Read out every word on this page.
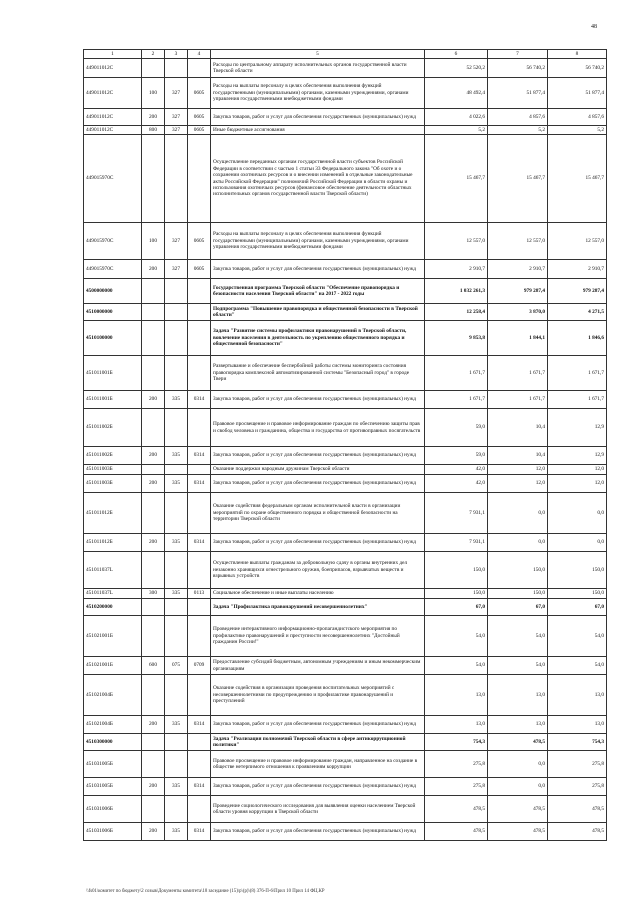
48
1	2	3	4	5	6	7	8
449011012С				Расходы по центральному аппарату исполнительных органов государственной власти Тверской области	52 520,2	56 740,2	56 740,2
449011012С	100	327	0605	Расходы на выплаты персоналу в целях обеспечения выполнения функций государственными (муниципальными) органами, казенными учреждениями, органами управления государственными внебюджетными фондами	48 492,4	51 877,4	51 877,4
449011012С	200	327	0605	Закупка товаров, работ и услуг для обеспечения государственных (муниципальных) нужд	4 022,6	4 857,6	4 857,6
449011012С	800	327	0605	Иные бюджетные ассигнования	5,2	5,2	5,2
449015970С				Осуществление переданных органам государственной власти субъектов Российской Федерации в соответствии с частью 1 статьи 33 Федерального закона "Об охоте и о сохранении охотничьих ресурсов и о внесении изменений в отдельные законодательные акты Российской Федерации" полномочий Российской Федерации в области охраны и использования охотничьих ресурсов (финансовое обеспечение деятельности областных исполнительных органов государственной власти Тверской области)	15 467,7	15 467,7	15 467,7
449015970С	100	327	0605	Расходы на выплаты персоналу в целях обеспечения выполнения функций государственными (муниципальными) органами, казенными учреждениями, органами управления государственными внебюджетными фондами	12 557,0	12 557,0	12 557,0
449015970С	200	327	0605	Закупка товаров, работ и услуг для обеспечения государственных (муниципальных) нужд	2 910,7	2 910,7	2 910,7
4500000000				Государственная программа Тверской области "Обеспечение правопорядка и безопасности населения Тверской области" на 2017 - 2022 годы	1 032 261,3	979 287,4	979 287,4
4510000000				Подпрограмма "Повышение правопорядка и общественной безопасности в Тверской области"	12 258,4	3 870,0	4 271,5
4510100000				Задача "Развитие системы профилактики правонарушений в Тверской области, вовлечение населения в деятельность по укреплению общественного порядка и общественной безопасности"	9 853,8	1 844,1	1 846,6
451011001Б				Развертывание и обеспечение беспербойной работы системы мониторинга состояния правопорядка комплексной автоматизированной системы "Безопасный город" в городе Твери	1 671,7	1 671,7	1 671,7
451011001Б	200	335	0314	Закупка товаров, работ и услуг для обеспечения государственных (муниципальных) нужд	1 671,7	1 671,7	1 671,7
451011002Б				Правовое просвещение и правовое информирование граждан по обеспечению защиты прав и свобод человека и гражданина, общества и государства от противоправных посягательств	59,0	10,4	12,9
451011002Б	200	335	0314	Закупка товаров, работ и услуг для обеспечения государственных (муниципальных) нужд	59,0	10,4	12,9
451011003Б				Оказание поддержки народным дружинам Тверской области	42,0	12,0	12,0
451011003Б	200	335	0314	Закупка товаров, работ и услуг для обеспечения государственных (муниципальных) нужд	42,0	12,0	12,0
451011012Б				Оказание содействия федеральным органам исполнительной власти в организации мероприятий по охране общественного порядка и общественной безопасности на территории Тверской области	7 931,1	0,0	0,0
451011012Б	200	335	0314	Закупка товаров, работ и услуг для обеспечения государственных (муниципальных) нужд	7 931,1	0,0	0,0
451011037L				Осуществление выплаты гражданам за добровольную сдачу в органы внутренних дел незаконно хранящихся огнестрельного оружия, боеприпасов, взрывчатых веществ и взрывных устройств	150,0	150,0	150,0
451011037L	300	335	0113	Социальное обеспечение и иные выплаты населению	150,0	150,0	150,0
4510200000				Задача "Профилактика правонарушений несовершеннолетних"	67,0	67,0	67,0
451021001Б				Проведение интерактивного информационно-пропагандистского мероприятия по профилактике правонарушений и преступности несовершеннолетних "Достойный гражданин России!"	54,0	54,0	54,0
451021001Б	600	075	0709	Предоставление субсидий бюджетным, автономным учреждениям и иным некоммерческим организациям	54,0	54,0	54,0
451021004Б				Оказание содействия в организации проведения воспитательных мероприятий с несовершеннолетними по предупреждению и профилактике правонарушений и преступлений	13,0	13,0	13,0
451021004Б	200	335	0314	Закупка товаров, работ и услуг для обеспечения государственных (муниципальных) нужд	13,0	13,0	13,0
4510300000				Задача "Реализация полномочий Тверской области в сфере антикоррупционной политики"	754,3	478,5	754,3
451031005Б				Правовое просвещение и правовое информирование граждан, направленное на создание в обществе нетерпимого отношения к проявлениям коррупции	275,8	0,0	275,8
451031005Б	200	335	0314	Закупка товаров, работ и услуг для обеспечения государственных (муниципальных) нужд	275,8	0,0	275,8
451031006Б				Проведение социологического исследования для выявления оценки населением Тверской области уровня коррупции в Тверской области	478,5	478,5	478,5
451031006Б	200	335	0314	Закупка товаров, работ и услуг для обеспечения государственных (муниципальных) нужд	478,5	478,5	478,5
\\fs01\комитет по бюджету\2 созыв\Документы комитета\18 заседание (15)\p\(р)\(8) 376-П-6\Прил 10 Прил 14 ФЦ.КР
